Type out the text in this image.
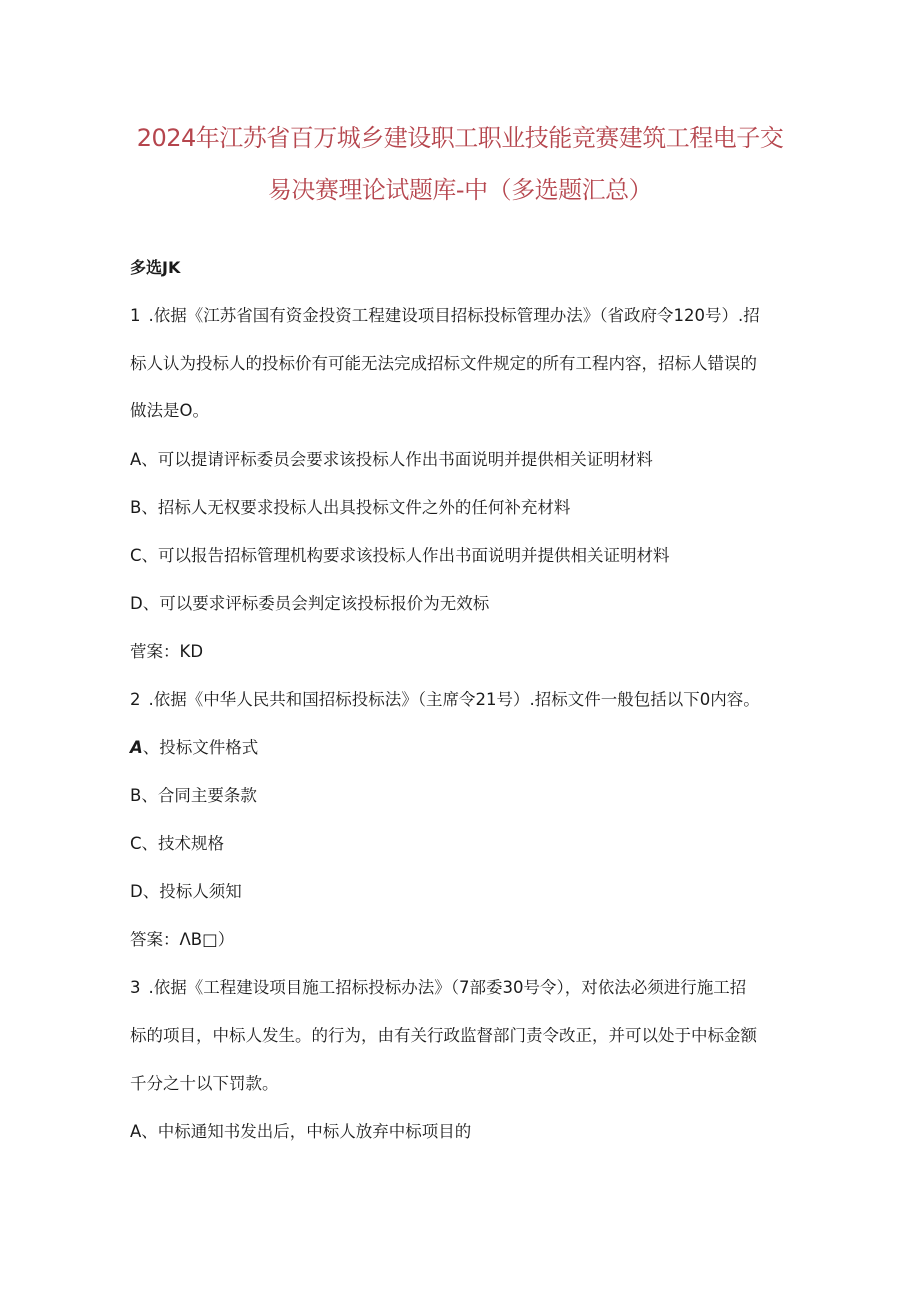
2024年江苏省百万城乡建设职工职业技能竞赛建筑工程电子交
易决赛理论试题库-中（多选题汇总）
多选JK
1 .依据《江苏省国有资金投资工程建设项目招标投标管理办法》（省政府令120号）.招
标人认为投标人的投标价有可能无法完成招标文件规定的所有工程内容，招标人错误的
做法是O。
A、可以提请评标委员会要求该投标人作出书面说明并提供相关证明材料
B、招标人无权要求投标人出具投标文件之外的任何补充材料
C、可以报告招标管理机构要求该投标人作出书面说明并提供相关证明材料
D、可以要求评标委员会判定该投标报价为无效标
菅案：KD
2 .依据《中华人民共和国招标投标法》（主席令21号）.招标文件一般包括以下0内容。
A、投标文件格式
B、合同主要条款
C、技术规格
D、投标人须知
答案：ΛB□）
3 .依据《工程建设项目施工招标投标办法》（7部委30号令），对依法必须进行施工招
标的项目，中标人发生。的行为，由有关行政监督部门责令改正，并可以处于中标金额
千分之十以下罚款。
A、中标通知书发出后，中标人放弃中标项目的
